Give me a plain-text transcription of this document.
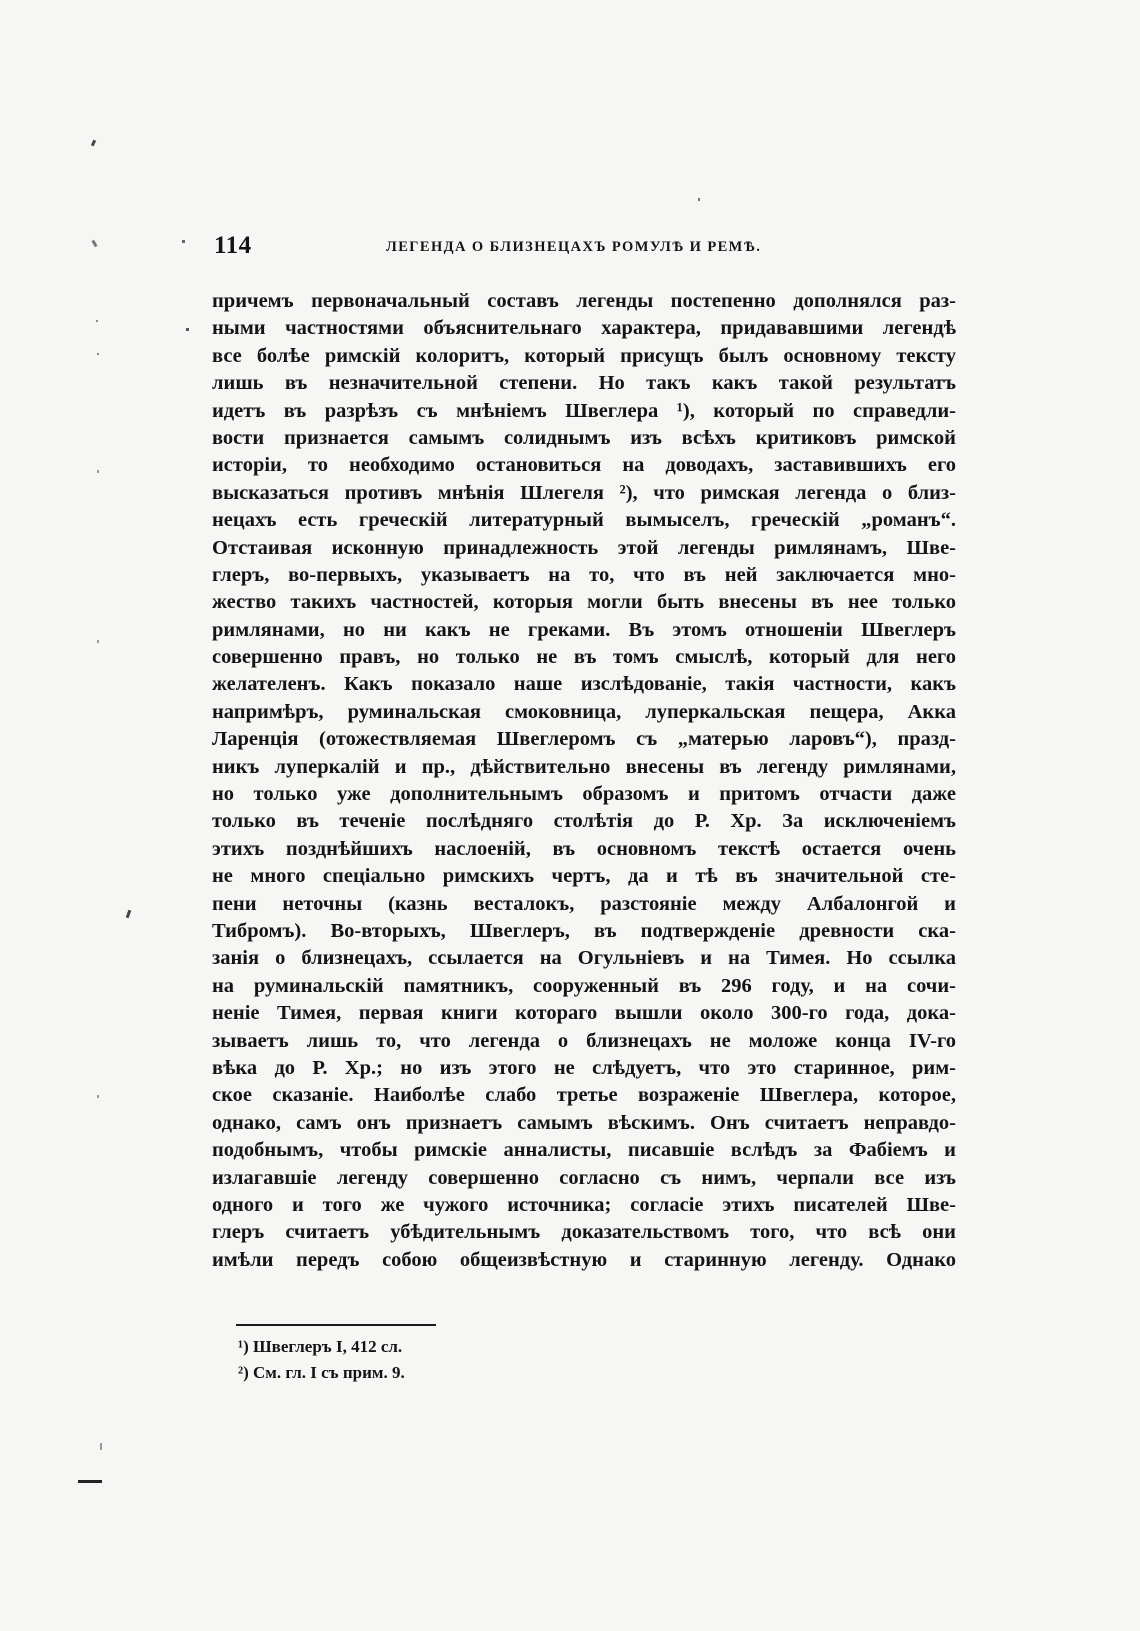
114	ЛЕГЕНДА О БЛИЗНЕЦАХЪ РОМУЛѢ И РЕМѢ.
причемъ первоначальный составъ легенды постепенно дополнялся раз-
ными частностями объяснительнаго характера, придававшими легендѣ
все болѣе римскій колоритъ, который присущъ былъ основному тексту
лишь въ незначительной степени. Но такъ какъ такой результатъ
идетъ въ разрѣзъ съ мнѣніемъ Швеглера ¹), который по справедли-
вости признается самымъ солиднымъ изъ всѣхъ критиковъ римской
исторіи, то необходимо остановиться на доводахъ, заставившихъ его
высказаться противъ мнѣнія Шлегеля ²), что римская легенда о близ-
нецахъ есть греческій литературный вымыселъ, греческій „романъ“.
Отстаивая исконную принадлежность этой легенды римлянамъ, Шве-
глеръ, во-первыхъ, указываетъ на то, что въ ней заключается мно-
жество такихъ частностей, которыя могли быть внесены въ нее только
римлянами, но ни какъ не греками. Въ этомъ отношеніи Швеглеръ
совершенно правъ, но только не въ томъ смыслѣ, который для него
желателенъ. Какъ показало наше изслѣдованіе, такія частности, какъ
напримѣръ, руминальская смоковница, луперкальская пещера, Акка
Ларенція (отожествляемая Швеглеромъ съ „матерью ларовъ“), празд-
никъ луперкалій и пр., дѣйствительно внесены въ легенду римлянами,
но только уже дополнительнымъ образомъ и притомъ отчасти даже
только въ теченіе послѣдняго столѣтія до Р. Хр. За исключеніемъ
этихъ позднѣйшихъ наслоеній, въ основномъ текстѣ остается очень
не много спеціально римскихъ чертъ, да и тѣ въ значительной сте-
пени неточны (казнь весталокъ, разстояніе между Албалонгой и
Тибромъ). Во-вторыхъ, Швеглеръ, въ подтвержденіе древности ска-
занія о близнецахъ, ссылается на Огульніевъ и на Тимея. Но ссылка
на руминальскій памятникъ, сооруженный въ 296 году, и на сочи-
неніе Тимея, первая книги котораго вышли около 300-го года, дока-
зываетъ лишь то, что легенда о близнецахъ не моложе конца IV-го
вѣка до Р. Хр.; но изъ этого не слѣдуетъ, что это старинное, рим-
ское сказаніе. Наиболѣе слабо третье возраженіе Швеглера, которое,
однако, самъ онъ признаетъ самымъ вѣскимъ. Онъ считаетъ неправдо-
подобнымъ, чтобы римскіе анналисты, писавшіе вслѣдъ за Фабіемъ и
излагавшіе легенду совершенно согласно съ нимъ, черпали все изъ
одного и того же чужого источника; согласіе этихъ писателей Шве-
глеръ считаетъ убѣдительнымъ доказательствомъ того, что всѣ они
имѣли передъ собою общеизвѣстную и старинную легенду. Однако
¹) Швеглеръ I, 412 сл.
²) См. гл. I съ прим. 9.
